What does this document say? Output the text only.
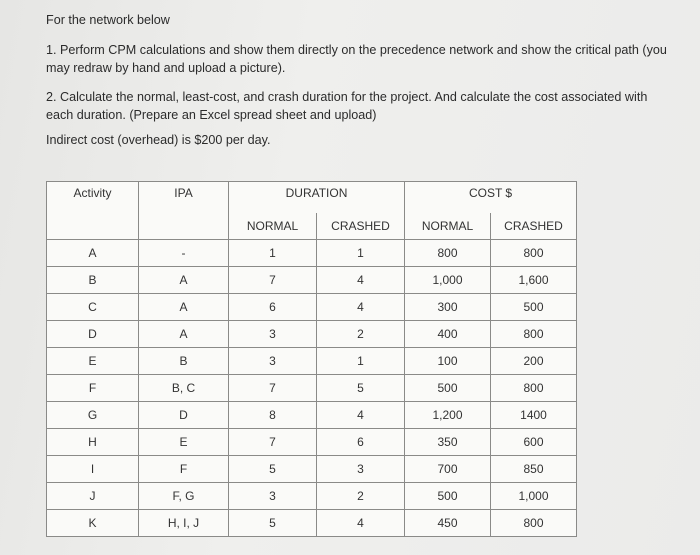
For the network below
1. Perform CPM calculations and show them directly on the precedence network and show the critical path (you may redraw by hand and upload a picture).
2. Calculate the normal, least-cost, and crash duration for the project. And calculate the cost associated with each duration. (Prepare an Excel spread sheet and upload)
Indirect cost (overhead) is $200 per day.
Activity	IPA	DURATION		COST $	
		NORMAL	CRASHED	NORMAL	CRASHED
A	-	1	1	800	800
B	A	7	4	1,000	1,600
C	A	6	4	300	500
D	A	3	2	400	800
E	B	3	1	100	200
F	B, C	7	5	500	800
G	D	8	4	1,200	1400
H	E	7	6	350	600
I	F	5	3	700	850
J	F, G	3	2	500	1,000
K	H, I, J	5	4	450	800
